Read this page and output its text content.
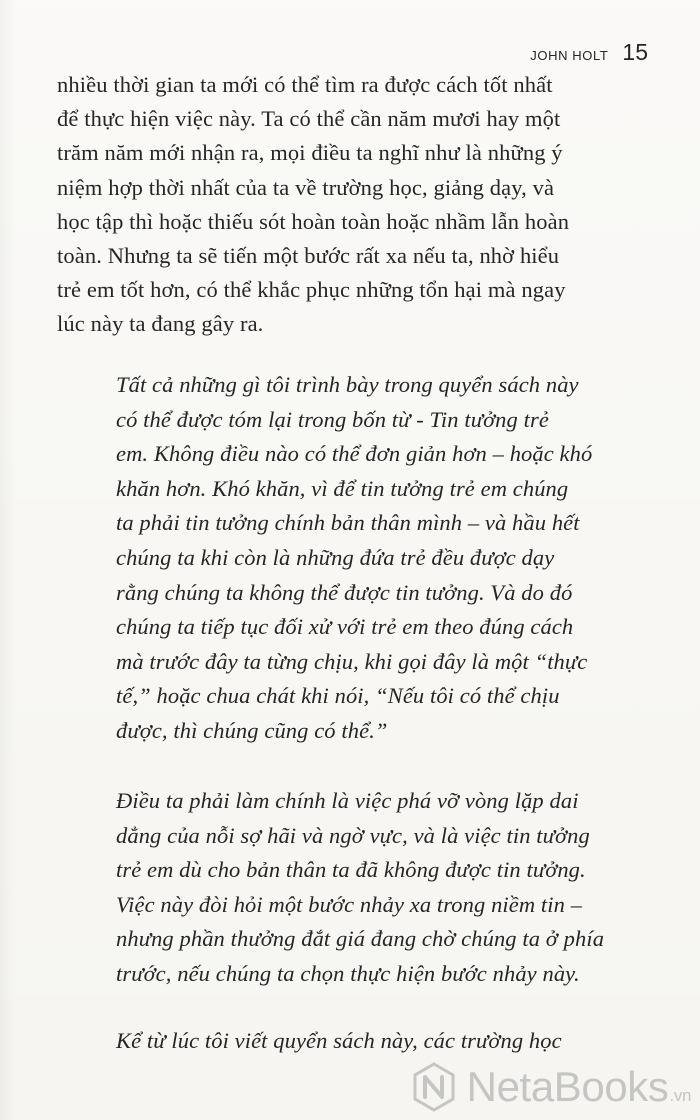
JOHN HOLT 15

nhiều thời gian ta mới có thể tìm ra được cách tốt nhất
để thực hiện việc này. Ta có thể cần năm mươi hay một
trăm năm mới nhận ra, mọi điều ta nghĩ như là những ý
niệm hợp thời nhất của ta về trường học, giảng dạy, và
học tập thì hoặc thiếu sót hoàn toàn hoặc nhầm lẫn hoàn
toàn. Nhưng ta sẽ tiến một bước rất xa nếu ta, nhờ hiểu
trẻ em tốt hơn, có thể khắc phục những tổn hại mà ngay
lúc này ta đang gây ra.

Tất cả những gì tôi trình bày trong quyển sách này
có thể được tóm lại trong bốn từ - Tin tưởng trẻ
em. Không điều nào có thể đơn giản hơn – hoặc khó
khăn hơn. Khó khăn, vì để tin tưởng trẻ em chúng
ta phải tin tưởng chính bản thân mình – và hầu hết
chúng ta khi còn là những đứa trẻ đều được dạy
rằng chúng ta không thể được tin tưởng. Và do đó
chúng ta tiếp tục đối xử với trẻ em theo đúng cách
mà trước đây ta từng chịu, khi gọi đây là một “thực
tế,” hoặc chua chát khi nói, “Nếu tôi có thể chịu
được, thì chúng cũng có thể.”

Điều ta phải làm chính là việc phá vỡ vòng lặp dai
dẳng của nỗi sợ hãi và ngờ vực, và là việc tin tưởng
trẻ em dù cho bản thân ta đã không được tin tưởng.
Việc này đòi hỏi một bước nhảy xa trong niềm tin –
nhưng phần thưởng đắt giá đang chờ chúng ta ở phía
trước, nếu chúng ta chọn thực hiện bước nhảy này.

Kể từ lúc tôi viết quyển sách này, các trường học

NetaBooks .vn
